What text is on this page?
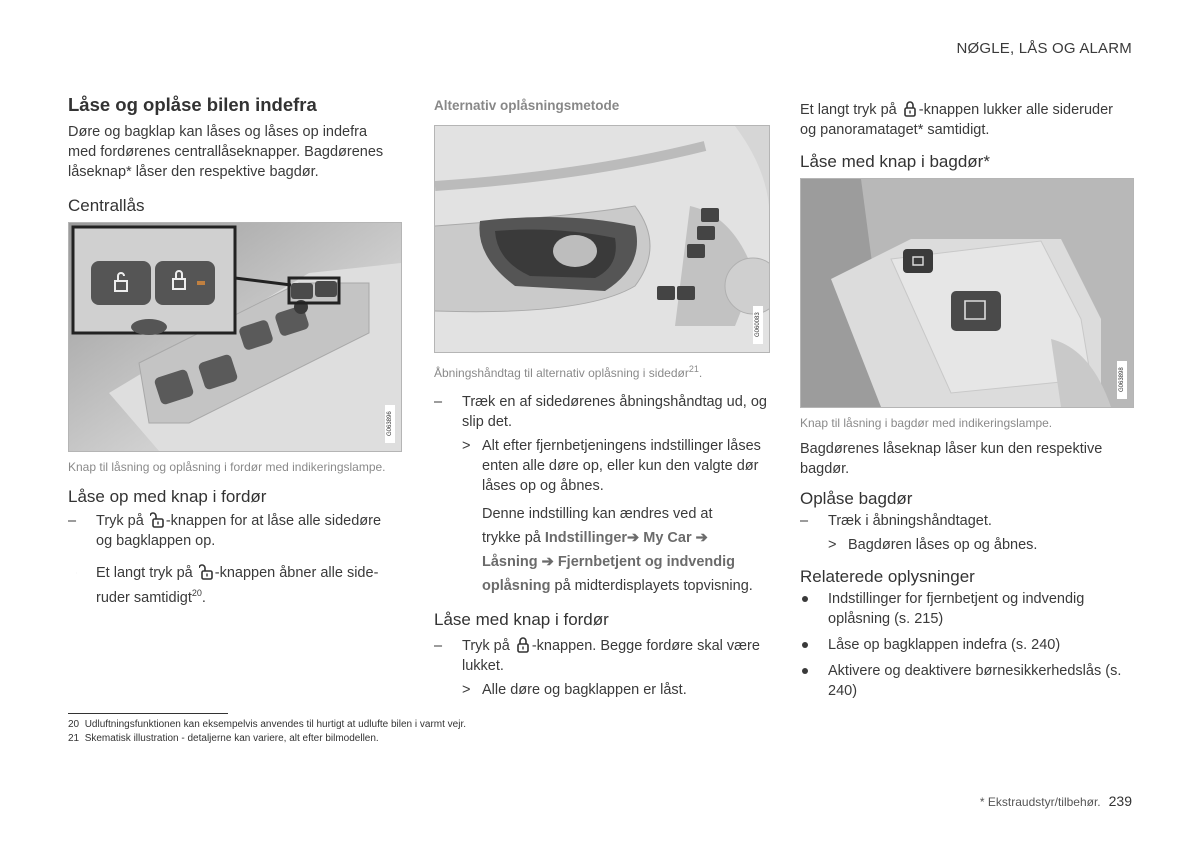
NØGLE, LÅS OG ALARM
Låse og oplåse bilen indefra

Døre og bagklap kan låses og låses op indefra med fordørenes centrallåseknapper. Bagdørenes låseknap* låser den respektive bagdør.

Centrallås
G063896

Knap til låsning og oplåsning i fordør med indikeringslampe.

Låse op med knap i fordør
– Tryk på -knappen for at låse alle sidedøre og bagklappen op.
– – Et langt tryk på -knappen åbner alle sideruder samtidigt$^{20}$.
Alternativ oplåsningsmetode
G060083

Åbningshåndtag til alternativ oplåsning i sidedør$^{21}$.

– Træk en af sidedørenes åbningshåndtag ud, og slip det.
> Alt efter fjernbetjeningens indstillinger låses enten alle døre op, eller kun den valgte dør låses op og åbnes.
Denne indstilling kan ændres ved at
trykke på Indstillinger➔ My Car ➔
Låsning ➔ Fjernbetjent og indvendig oplåsning på midterdisplayets topvisning.
Låse med knap i fordør
– Tryk på -knappen. Begge fordøre skal være lukket.
> Alle døre og bagklappen er låst.

Et langt tryk på -knappen lukker alle sideruder og panoramataget* samtidigt.

Låse med knap i bagdør*
G063898

Knap til låsning i bagdør med indikeringslampe.

Bagdørenes låseknap låser kun den respektive bagdør.

Oplåse bagdør
– Træk i åbningshåndtaget.
> Bagdøren låses op og åbnes.
Relaterede oplysninger
Indstillinger for fjernbetjent og indvendig oplåsning (s. 215)
Låse op bagklappen indefra (s. 240)
Aktivere og deaktivere børnesikkerhedslås (s. 240)
20 Udluftningsfunktionen kan eksempelvis anvendes til hurtigt at udlufte bilen i varmt vejr.
21 Skematisk illustration - detaljerne kan variere, alt efter bilmodellen.
* Ekstraudstyr/tilbehør. 239
